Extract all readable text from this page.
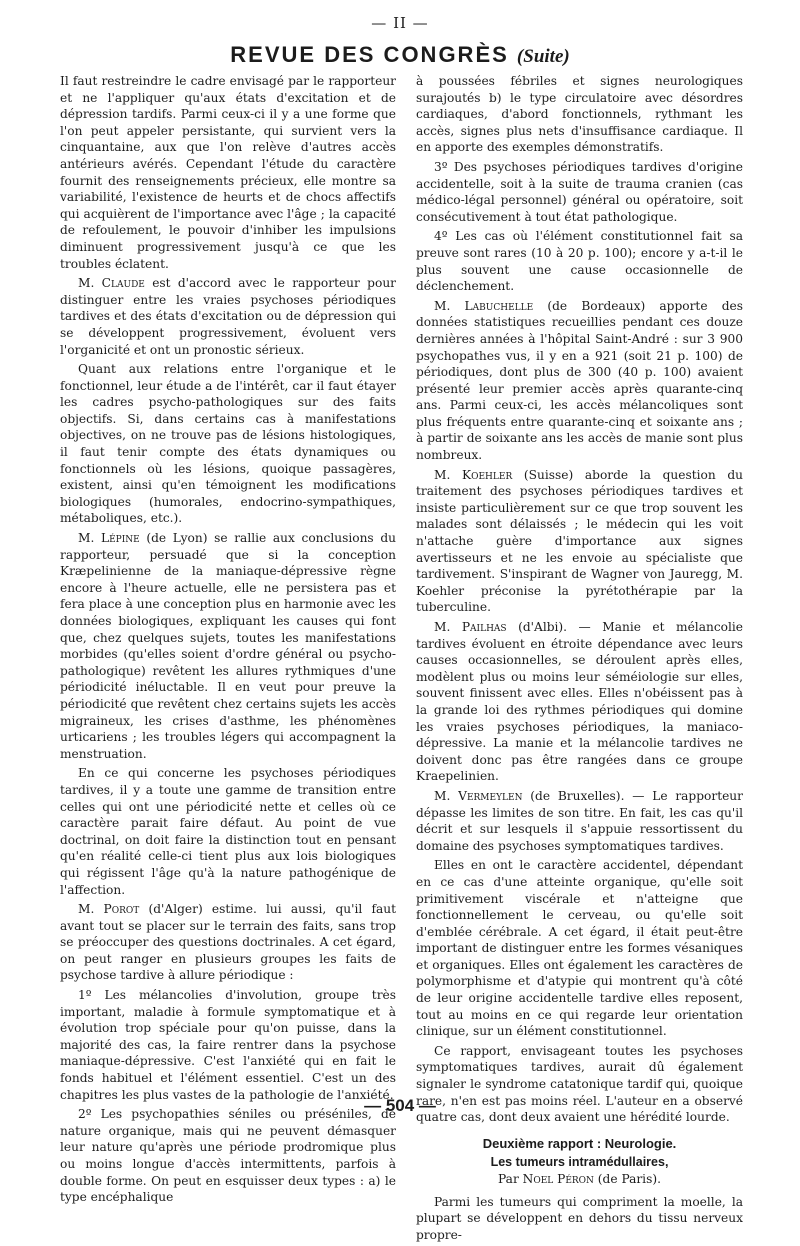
— II —
REVUE DES CONGRÈS (Suite)

Il faut restreindre le cadre envisagé par le rapporteur et ne l'appliquer qu'aux états d'excitation et de dépression tardifs. Parmi ceux-ci il y a une forme que l'on peut appeler persistante, qui survient vers la cinquantaine, aux que l'on relève d'autres accès antérieurs avérés. Cependant l'étude du caractère fournit des renseignements précieux, elle montre sa variabilité, l'existence de heurts et de chocs affectifs qui acquièrent de l'importance avec l'âge ; la capacité de refoulement, le pouvoir d'inhiber les impulsions diminuent progressivement jusqu'à ce que les troubles éclatent.

M. Claude est d'accord avec le rapporteur pour distinguer entre les vraies psychoses périodiques tardives et des états d'excitation ou de dépression qui se développent progressivement, évoluent vers l'organicité et ont un pronostic sérieux.

Quant aux relations entre l'organique et le fonctionnel, leur étude a de l'intérêt, car il faut étayer les cadres psycho-pathologiques sur des faits objectifs. Si, dans certains cas à manifestations objectives, on ne trouve pas de lésions histologiques, il faut tenir compte des états dynamiques ou fonctionnels où les lésions, quoique passagères, existent, ainsi qu'en témoignent les modifications biologiques (humorales, endocrino-sympathiques, métaboliques, etc.).

M. Lépine (de Lyon) se rallie aux conclusions du rapporteur, persuadé que si la conception Kræpelinienne de la maniaque-dépressive règne encore à l'heure actuelle, elle ne persistera pas et fera place à une conception plus en harmonie avec les données biologiques, expliquant les causes qui font que, chez quelques sujets, toutes les manifestations morbides (qu'elles soient d'ordre général ou psycho-pathologique) revêtent les allures rythmiques d'une périodicité inéluctable. Il en veut pour preuve la périodicité que revêtent chez certains sujets les accès migraineux, les crises d'asthme, les phénomènes urticariens ; les troubles légers qui accompagnent la menstruation.

En ce qui concerne les psychoses périodiques tardives, il y a toute une gamme de transition entre celles qui ont une périodicité nette et celles où ce caractère parait faire défaut. Au point de vue doctrinal, on doit faire la distinction tout en pensant qu'en réalité celle-ci tient plus aux lois biologiques qui régissent l'âge qu'à la nature pathogénique de l'affection.

M. Porot (d'Alger) estime. lui aussi, qu'il faut avant tout se placer sur le terrain des faits, sans trop se préoccuper des questions doctrinales. A cet égard, on peut ranger en plusieurs groupes les faits de psychose tardive à allure périodique :

1º Les mélancolies d'involution, groupe très important, maladie à formule symptomatique et à évolution trop spéciale pour qu'on puisse, dans la majorité des cas, la faire rentrer dans la psychose maniaque-dépressive. C'est l'anxiété qui en fait le fonds habituel et l'élément essentiel. C'est un des chapitres les plus vastes de la pathologie de l'anxiété.

2º Les psychopathies séniles ou préséniles, de nature organique, mais qui ne peuvent démasquer leur nature qu'après une période prodromique plus ou moins longue d'accès intermittents, parfois à double forme. On peut en esquisser deux types : a) le type encéphalique

à poussées fébriles et signes neurologiques surajoutés b) le type circulatoire avec désordres cardiaques, d'abord fonctionnels, rythmant les accès, signes plus nets d'insuffisance cardiaque. Il en apporte des exemples démonstratifs.

3º Des psychoses périodiques tardives d'origine accidentelle, soit à la suite de trauma cranien (cas médico-légal personnel) général ou opératoire, soit consécutivement à tout état pathologique.

4º Les cas où l'élément constitutionnel fait sa preuve sont rares (10 à 20 p. 100); encore y a-t-il le plus souvent une cause occasionnelle de déclenchement.

M. Labuchelle (de Bordeaux) apporte des données statistiques recueillies pendant ces douze dernières années à l'hôpital Saint-André : sur 3 900 psychopathes vus, il y en a 921 (soit 21 p. 100) de périodiques, dont plus de 300 (40 p. 100) avaient présenté leur premier accès après quarante-cinq ans. Parmi ceux-ci, les accès mélancoliques sont plus fréquents entre quarante-cinq et soixante ans ; à partir de soixante ans les accès de manie sont plus nombreux.

M. Koehler (Suisse) aborde la question du traitement des psychoses périodiques tardives et insiste particulièrement sur ce que trop souvent les malades sont délaissés ; le médecin qui les voit n'attache guère d'importance aux signes avertisseurs et ne les envoie au spécialiste que tardivement. S'inspirant de Wagner von Jauregg, M. Koehler préconise la pyrétothérapie par la tuberculine.

M. Pailhas (d'Albi). — Manie et mélancolie tardives évoluent en étroite dépendance avec leurs causes occasionnelles, se déroulent après elles, modèlent plus ou moins leur séméiologie sur elles, souvent finissent avec elles. Elles n'obéissent pas à la grande loi des rythmes périodiques qui domine les vraies psychoses périodiques, la maniaco-dépressive. La manie et la mélancolie tardives ne doivent donc pas être rangées dans ce groupe Kraepelinien.

M. Vermeylen (de Bruxelles). — Le rapporteur dépasse les limites de son titre. En fait, les cas qu'il décrit et sur lesquels il s'appuie ressortissent du domaine des psychoses symptomatiques tardives.

Elles en ont le caractère accidentel, dépendant en ce cas d'une atteinte organique, qu'elle soit primitivement viscérale et n'atteigne que fonctionnellement le cerveau, ou qu'elle soit d'emblée cérébrale. A cet égard, il était peut-être important de distinguer entre les formes vésaniques et organiques. Elles ont également les caractères de polymorphisme et d'atypie qui montrent qu'à côté de leur origine accidentelle tardive elles reposent, tout au moins en ce qui regarde leur orientation clinique, sur un élément constitutionnel.

Ce rapport, envisageant toutes les psychoses symptomatiques tardives, aurait dû également signaler le syndrome catatonique tardif qui, quoique rare, n'en est pas moins réel. L'auteur en a observé quatre cas, dont deux avaient une hérédité lourde.

Deuxième rapport : Neurologie.
Les tumeurs intramédullaires,
Par Noel Péron (de Paris).

Parmi les tumeurs qui compriment la moelle, la plupart se développent en dehors du tissu nerveux propre-

— 504 —
